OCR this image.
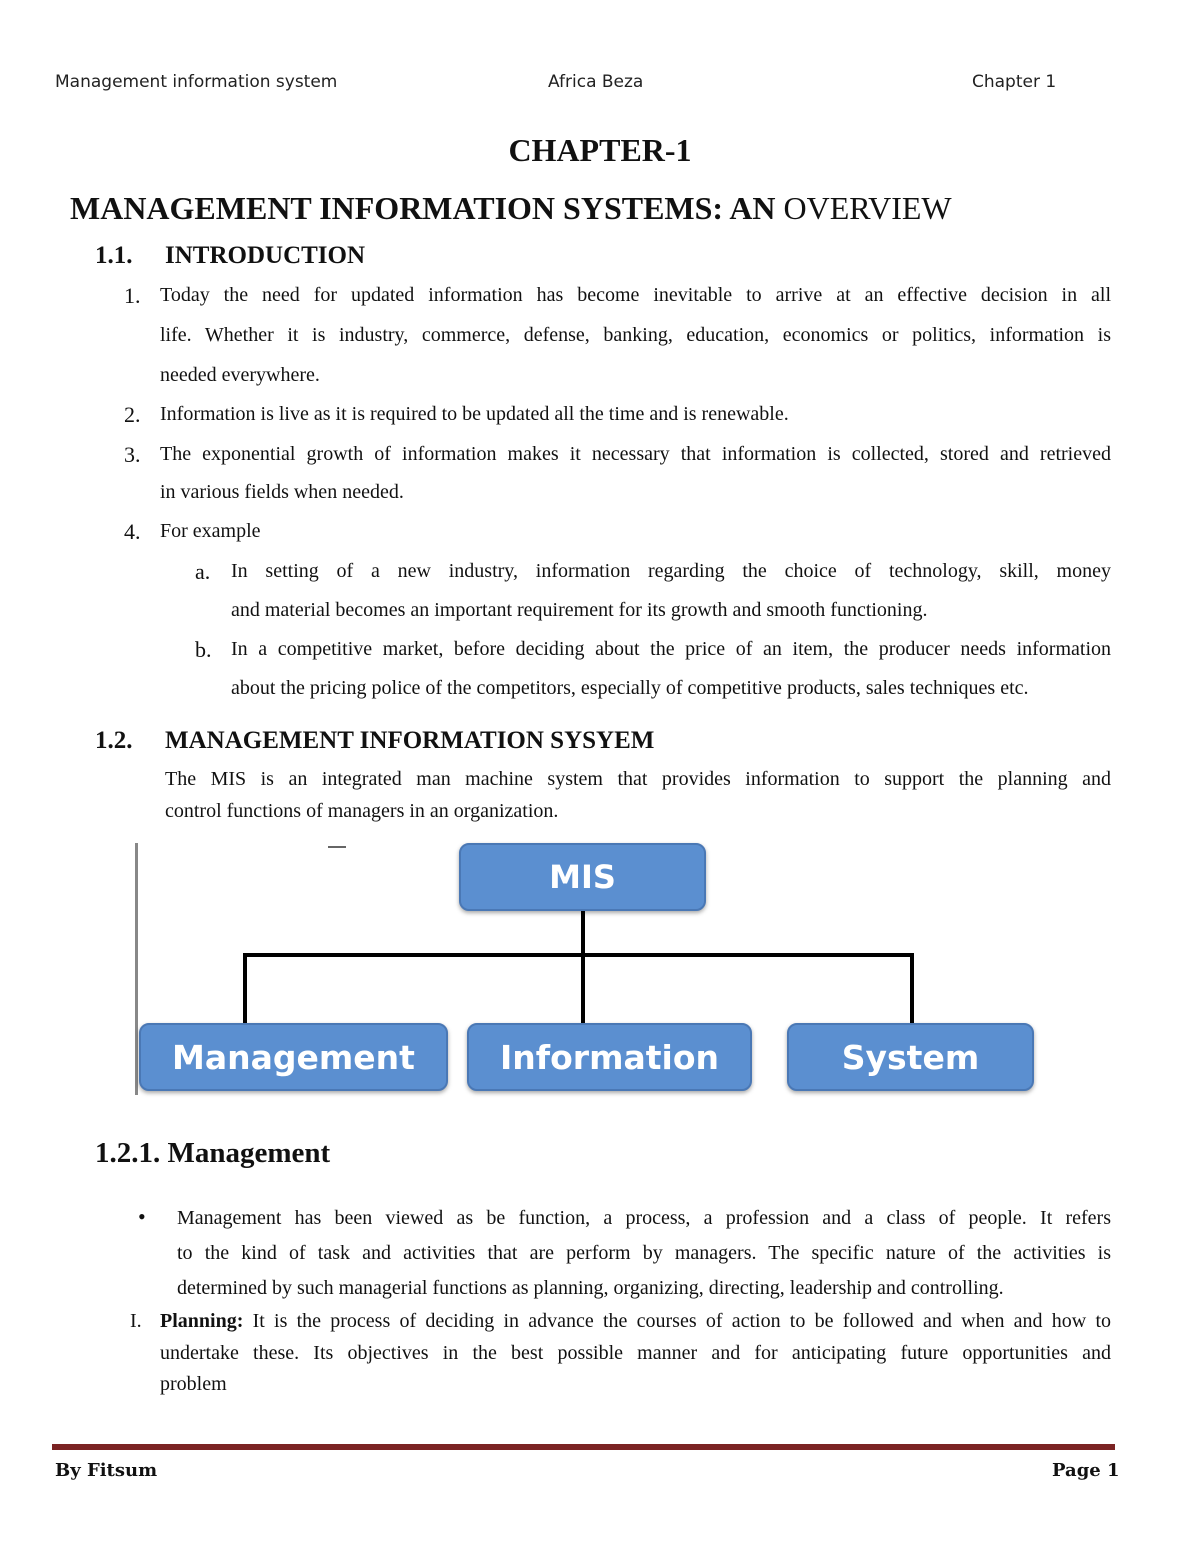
Management information system	Africa Beza	Chapter 1
CHAPTER-1
MANAGEMENT INFORMATION SYSTEMS: AN OVERVIEW
1.1. INTRODUCTION
1. Today the need for updated information has become inevitable to arrive at an effective decision in all
life. Whether it is industry, commerce, defense, banking, education, economics or politics, information is
needed everywhere.
2. Information is live as it is required to be updated all the time and is renewable.
3. The exponential growth of information makes it necessary that information is collected, stored and retrieved
in various fields when needed.
4. For example
a. In setting of a new industry, information regarding the choice of technology, skill, money
and material becomes an important requirement for its growth and smooth functioning.
b. In a competitive market, before deciding about the price of an item, the producer needs information
about the pricing police of the competitors, especially of competitive products, sales techniques etc.
1.2. MANAGEMENT INFORMATION SYSYEM
The MIS is an integrated man machine system that provides information to support the planning and
control functions of managers in an organization.
MIS
Management	Information	System
1.2.1. Management
• Management has been viewed as be function, a process, a profession and a class of people. It refers
to the kind of task and activities that are perform by managers. The specific nature of the activities is
determined by such managerial functions as planning, organizing, directing, leadership and controlling.
I. Planning: It is the process of deciding in advance the courses of action to be followed and when and how to
undertake these. Its objectives in the best possible manner and for anticipating future opportunities and
problem
By Fitsum	Page 1
